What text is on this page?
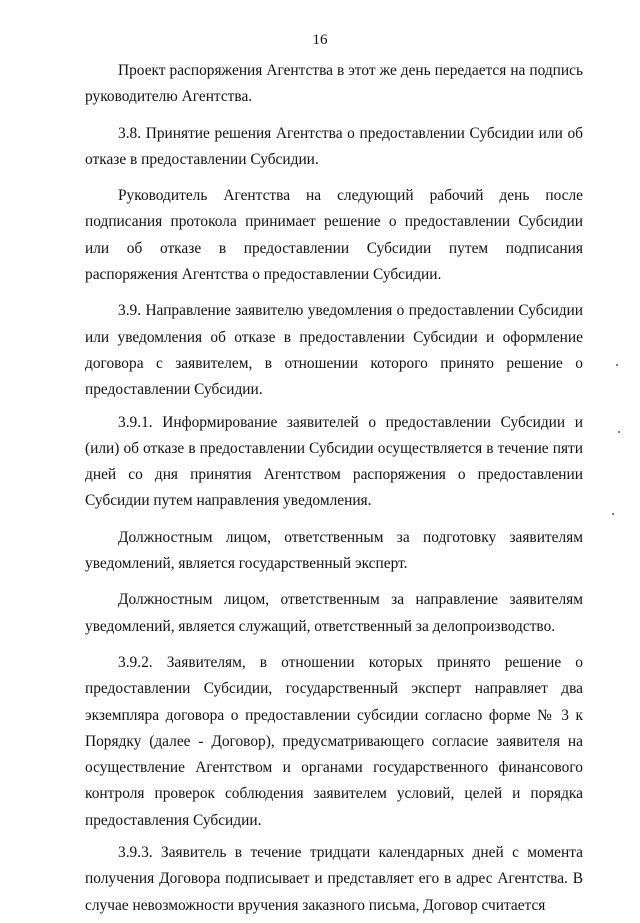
16

Проект распоряжения Агентства в этот же день передается на подпись руководителю Агентства.

3.8. Принятие решения Агентства о предоставлении Субсидии или об отказе в предоставлении Субсидии.

Руководитель Агентства на следующий рабочий день после подписания протокола принимает решение о предоставлении Субсидии или об отказе в предоставлении Субсидии путем подписания распоряжения Агентства о предоставлении Субсидии.

3.9. Направление заявителю уведомления о предоставлении Субсидии или уведомления об отказе в предоставлении Субсидии и оформление договора с заявителем, в отношении которого принято решение о предоставлении Субсидии.

3.9.1. Информирование заявителей о предоставлении Субсидии и (или) об отказе в предоставлении Субсидии осуществляется в течение пяти дней со дня принятия Агентством распоряжения о предоставлении Субсидии путем направления уведомления.

Должностным лицом, ответственным за подготовку заявителям уведомлений, является государственный эксперт.

Должностным лицом, ответственным за направление заявителям уведомлений, является служащий, ответственный за делопроизводство.

3.9.2. Заявителям, в отношении которых принято решение о предоставлении Субсидии, государственный эксперт направляет два экземпляра договора о предоставлении субсидии согласно форме № 3 к Порядку (далее - Договор), предусматривающего согласие заявителя на осуществление Агентством и органами государственного финансового контроля проверок соблюдения заявителем условий, целей и порядка предоставления Субсидии.

3.9.3. Заявитель в течение тридцати календарных дней с момента получения Договора подписывает и представляет его в адрес Агентства. В случае невозможности вручения заказного письма, Договор считается
